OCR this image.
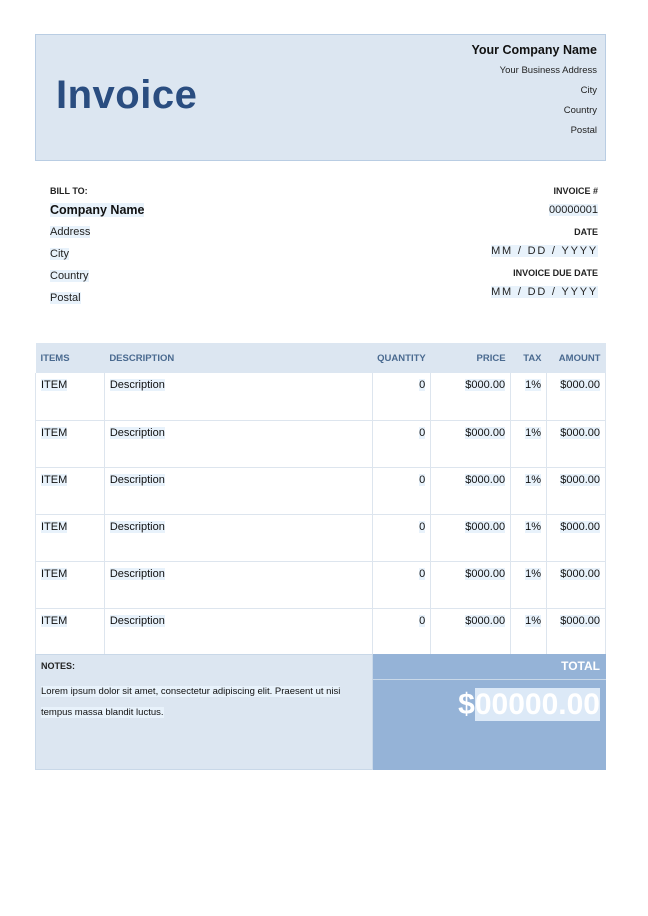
Invoice
Your Company Name
Your Business Address
City
Country
Postal
BILL TO:
Company Name
Address
City
Country
Postal
INVOICE #
00000001
DATE
MM / DD / YYYY
INVOICE DUE DATE
MM / DD / YYYY
ITEMS	DESCRIPTION	QUANTITY	PRICE	TAX	AMOUNT
ITEM	Description	0	$000.00	1%	$000.00
ITEM	Description	0	$000.00	1%	$000.00
ITEM	Description	0	$000.00	1%	$000.00
ITEM	Description	0	$000.00	1%	$000.00
ITEM	Description	0	$000.00	1%	$000.00
ITEM	Description	0	$000.00	1%	$000.00
NOTES:
Lorem ipsum dolor sit amet, consectetur adipiscing elit. Praesent ut nisi tempus massa blandit luctus.
TOTAL
$00000.00
